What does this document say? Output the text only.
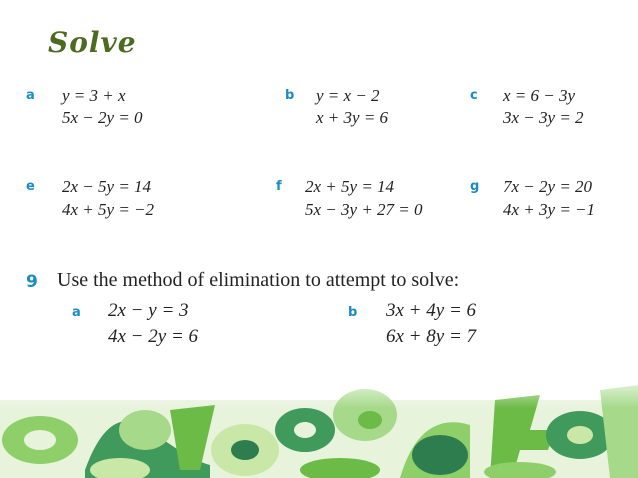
Solve
a y = 3 + x
5x − 2y = 0
b y = x − 2
x + 3y = 6
c x = 6 − 3y
3x − 3y = 2
e 2x − 5y = 14
4x + 5y = −2
f 2x + 5y = 14
5x − 3y + 27 = 0
g 7x − 2y = 20
4x + 3y = −1
9 Use the method of elimination to attempt to solve:
a 2x − y = 3
4x − 2y = 6
b 3x + 4y = 6
6x + 8y = 7
